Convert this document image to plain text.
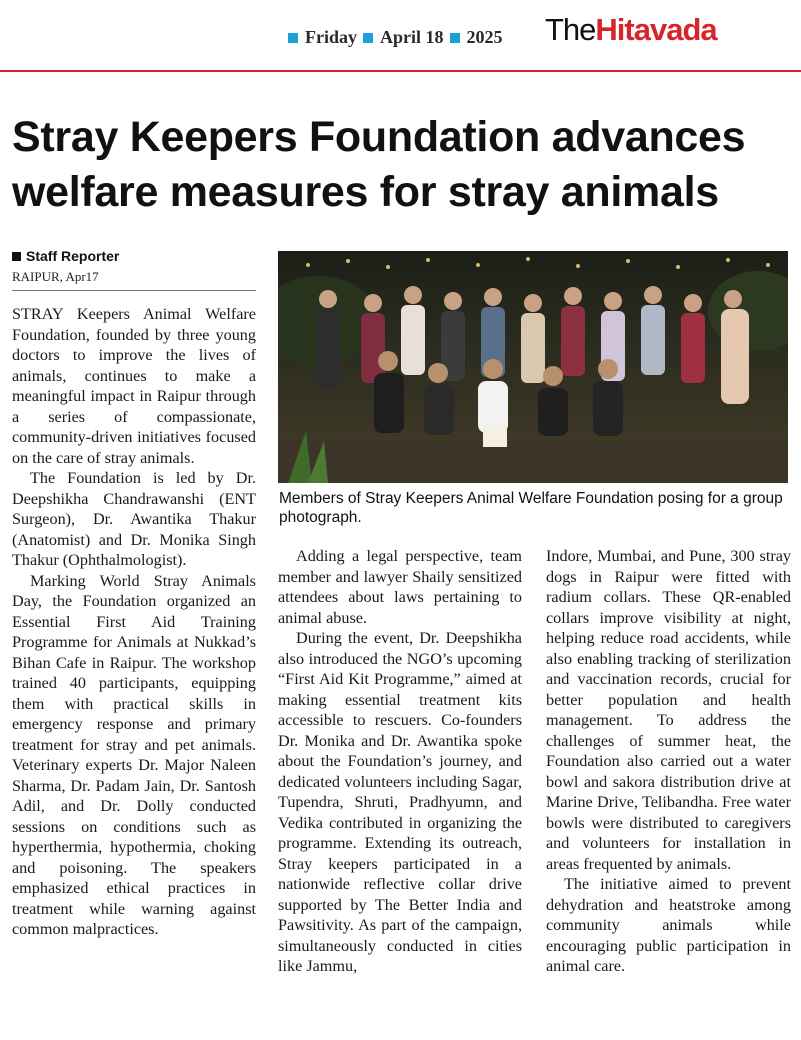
Friday April 18 2025 TheHitavada
Stray Keepers Foundation advances
welfare measures for stray animals
Staff Reporter
RAIPUR, Apr17

STRAY Keepers Animal Welfare Foundation, founded by three young doctors to improve the lives of animals, continues to make a meaningful impact in Raipur through a series of compassionate, community-driven initiatives focused on the care of stray animals.

The Foundation is led by Dr. Deepshikha Chandrawanshi (ENT Surgeon), Dr. Awantika Thakur (Anatomist) and Dr. Monika Singh Thakur (Ophthalmologist).

Marking World Stray Animals Day, the Foundation organized an Essential First Aid Training Programme for Animals at Nukkad’s Bihan Cafe in Raipur. The workshop trained 40 participants, equipping them with practical skills in emergency response and primary treatment for stray and pet animals. Veterinary experts Dr. Major Naleen Sharma, Dr. Padam Jain, Dr. Santosh Adil, and Dr. Dolly conducted sessions on conditions such as hyperthermia, hypothermia, choking and poisoning. The speakers emphasized ethical practices in treatment while warning against common malpractices.

Members of Stray Keepers Animal Welfare Foundation posing for a group photograph.

Adding a legal perspective, team member and lawyer Shaily sensitized attendees about laws pertaining to animal abuse.

During the event, Dr. Deepshikha also introduced the NGO’s upcoming “First Aid Kit Programme,” aimed at making essential treatment kits accessible to rescuers. Co-founders Dr. Monika and Dr. Awantika spoke about the Foundation’s journey, and dedicated volunteers including Sagar, Tupendra, Shruti, Pradhyumn, and Vedika contributed in organizing the programme. Extending its outreach, Stray keepers participated in a nationwide reflective collar drive supported by The Better India and Pawsitivity. As part of the campaign, simultaneously conducted in cities like Jammu,

Indore, Mumbai, and Pune, 300 stray dogs in Raipur were fitted with radium collars. These QR-enabled collars improve visibility at night, helping reduce road accidents, while also enabling tracking of sterilization and vaccination records, crucial for better population and health management. To address the challenges of summer heat, the Foundation also carried out a water bowl and sakora distribution drive at Marine Drive, Telibandha. Free water bowls were distributed to caregivers and volunteers for installation in areas frequented by animals.

The initiative aimed to prevent dehydration and heatstroke among community animals while encouraging public participation in animal care.
